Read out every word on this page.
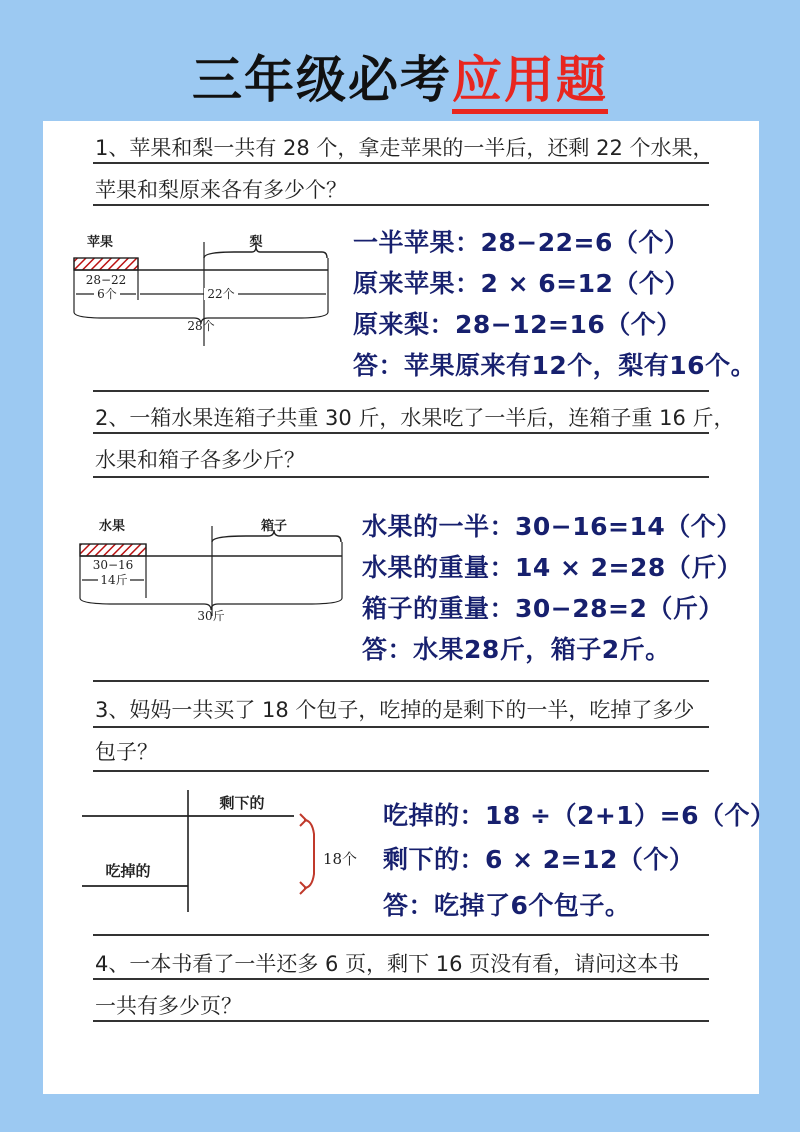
三年级必考应用题
1、苹果和梨一共有 28 个，拿走苹果的一半后，还剩 22 个水果，
苹果和梨原来各有多少个？
苹果	梨
28−22
6个	22个
28个
一半苹果：28−22=6（个）
原来苹果：2 × 6=12（个）
原来梨：28−12=16（个）
答：苹果原来有12个，梨有16个。
2、一箱水果连箱子共重 30 斤，水果吃了一半后，连箱子重 16 斤，
水果和箱子各多少斤？
水果	箱子
30−16
14斤
30斤
水果的一半：30−16=14（个）
水果的重量：14 × 2=28（斤）
箱子的重量：30−28=2（斤）
答：水果28斤，箱子2斤。
3、妈妈一共买了 18 个包子，吃掉的是剩下的一半，吃掉了多少
包子？
剩下的
吃掉的
18个
吃掉的：18 ÷（2+1）=6（个）
剩下的：6 × 2=12（个）
答：吃掉了6个包子。
4、一本书看了一半还多 6 页，剩下 16 页没有看，请问这本书
一共有多少页？
